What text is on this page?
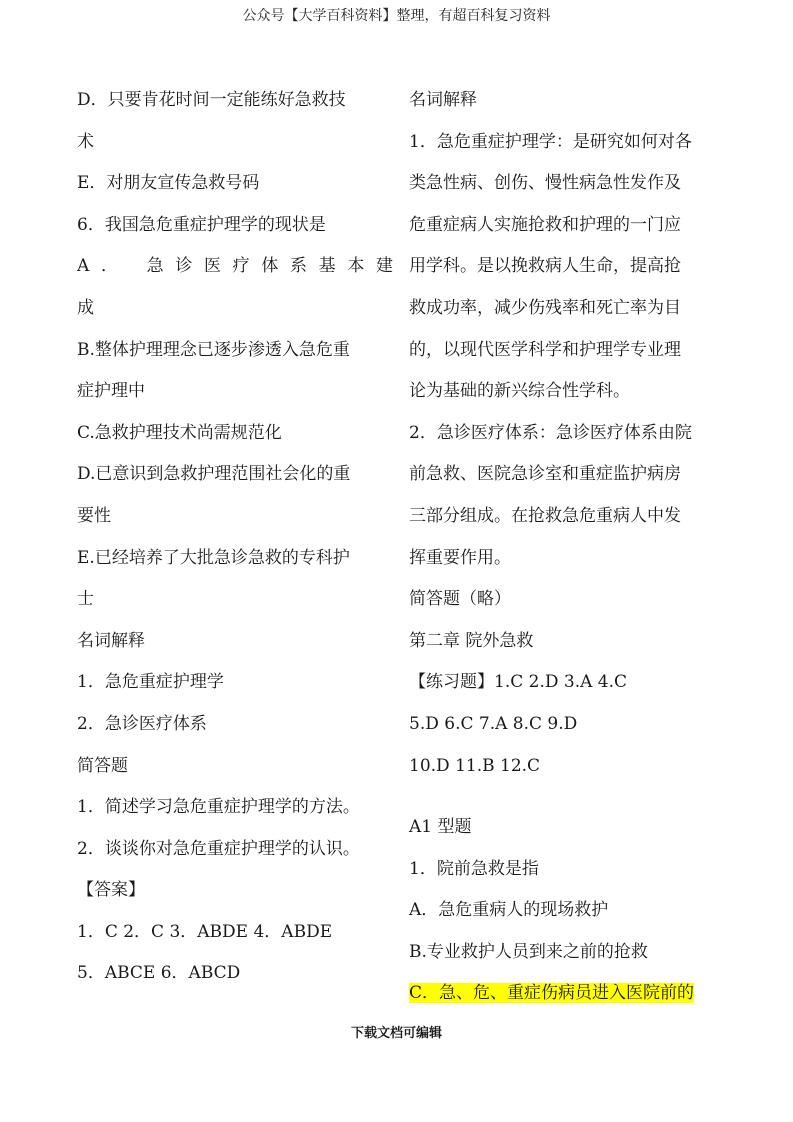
公众号【大学百科资料】整理，有超百科复习资料
D．只要肯花时间一定能练好急救技
术
E．对朋友宣传急救号码
6．我国急危重症护理学的现状是
A． 急诊医疗体系基本建
成
B.整体护理理念已逐步渗透入急危重
症护理中
C.急救护理技术尚需规范化
D.已意识到急救护理范围社会化的重
要性
E.已经培养了大批急诊急救的专科护
士
名词解释
1．急危重症护理学
2．急诊医疗体系
简答题
1．简述学习急危重症护理学的方法。
2．谈谈你对急危重症护理学的认识。
【答案】
1．C 2．C 3．ABDE 4．ABDE
5．ABCE 6．ABCD
名词解释
1．急危重症护理学：是研究如何对各
类急性病、创伤、慢性病急性发作及
危重症病人实施抢救和护理的一门应
用学科。是以挽救病人生命，提高抢
救成功率，减少伤残率和死亡率为目
的，以现代医学科学和护理学专业理
论为基础的新兴综合性学科。
2．急诊医疗体系：急诊医疗体系由院
前急救、医院急诊室和重症监护病房
三部分组成。在抢救急危重病人中发
挥重要作用。
简答题（略）
第二章 院外急救
【练习题】1.C 2.D 3.A 4.C
5.D 6.C 7.A 8.C 9.D
10.D 11.B 12.C
A1 型题
1．院前急救是指
A．急危重病人的现场救护
B.专业救护人员到来之前的抢救
C．急、危、重症伤病员进入医院前的
下载文档可编辑
